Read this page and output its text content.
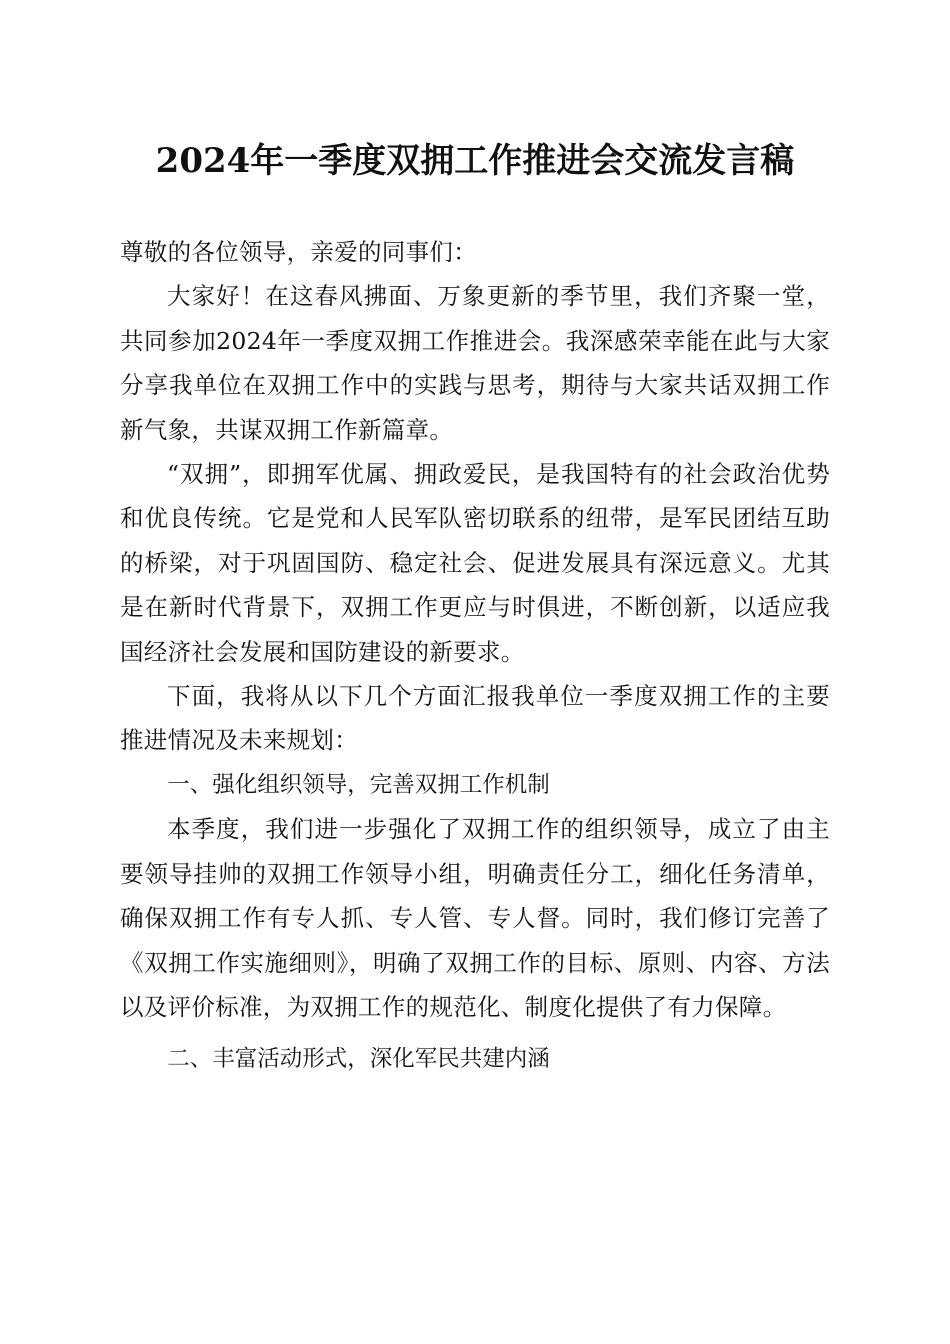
2024年一季度双拥工作推进会交流发言稿

尊敬的各位领导，亲爱的同事们：

大家好！在这春风拂面、万象更新的季节里，我们齐聚一堂，共同参加2024年一季度双拥工作推进会。我深感荣幸能在此与大家分享我单位在双拥工作中的实践与思考，期待与大家共话双拥工作新气象，共谋双拥工作新篇章。

“双拥”，即拥军优属、拥政爱民，是我国特有的社会政治优势和优良传统。它是党和人民军队密切联系的纽带，是军民团结互助的桥梁，对于巩固国防、稳定社会、促进发展具有深远意义。尤其是在新时代背景下，双拥工作更应与时俱进，不断创新，以适应我国经济社会发展和国防建设的新要求。

下面，我将从以下几个方面汇报我单位一季度双拥工作的主要推进情况及未来规划：

一、强化组织领导，完善双拥工作机制

本季度，我们进一步强化了双拥工作的组织领导，成立了由主要领导挂帅的双拥工作领导小组，明确责任分工，细化任务清单，确保双拥工作有专人抓、专人管、专人督。同时，我们修订完善了《双拥工作实施细则》，明确了双拥工作的目标、原则、内容、方法以及评价标准，为双拥工作的规范化、制度化提供了有力保障。

二、丰富活动形式，深化军民共建内涵
